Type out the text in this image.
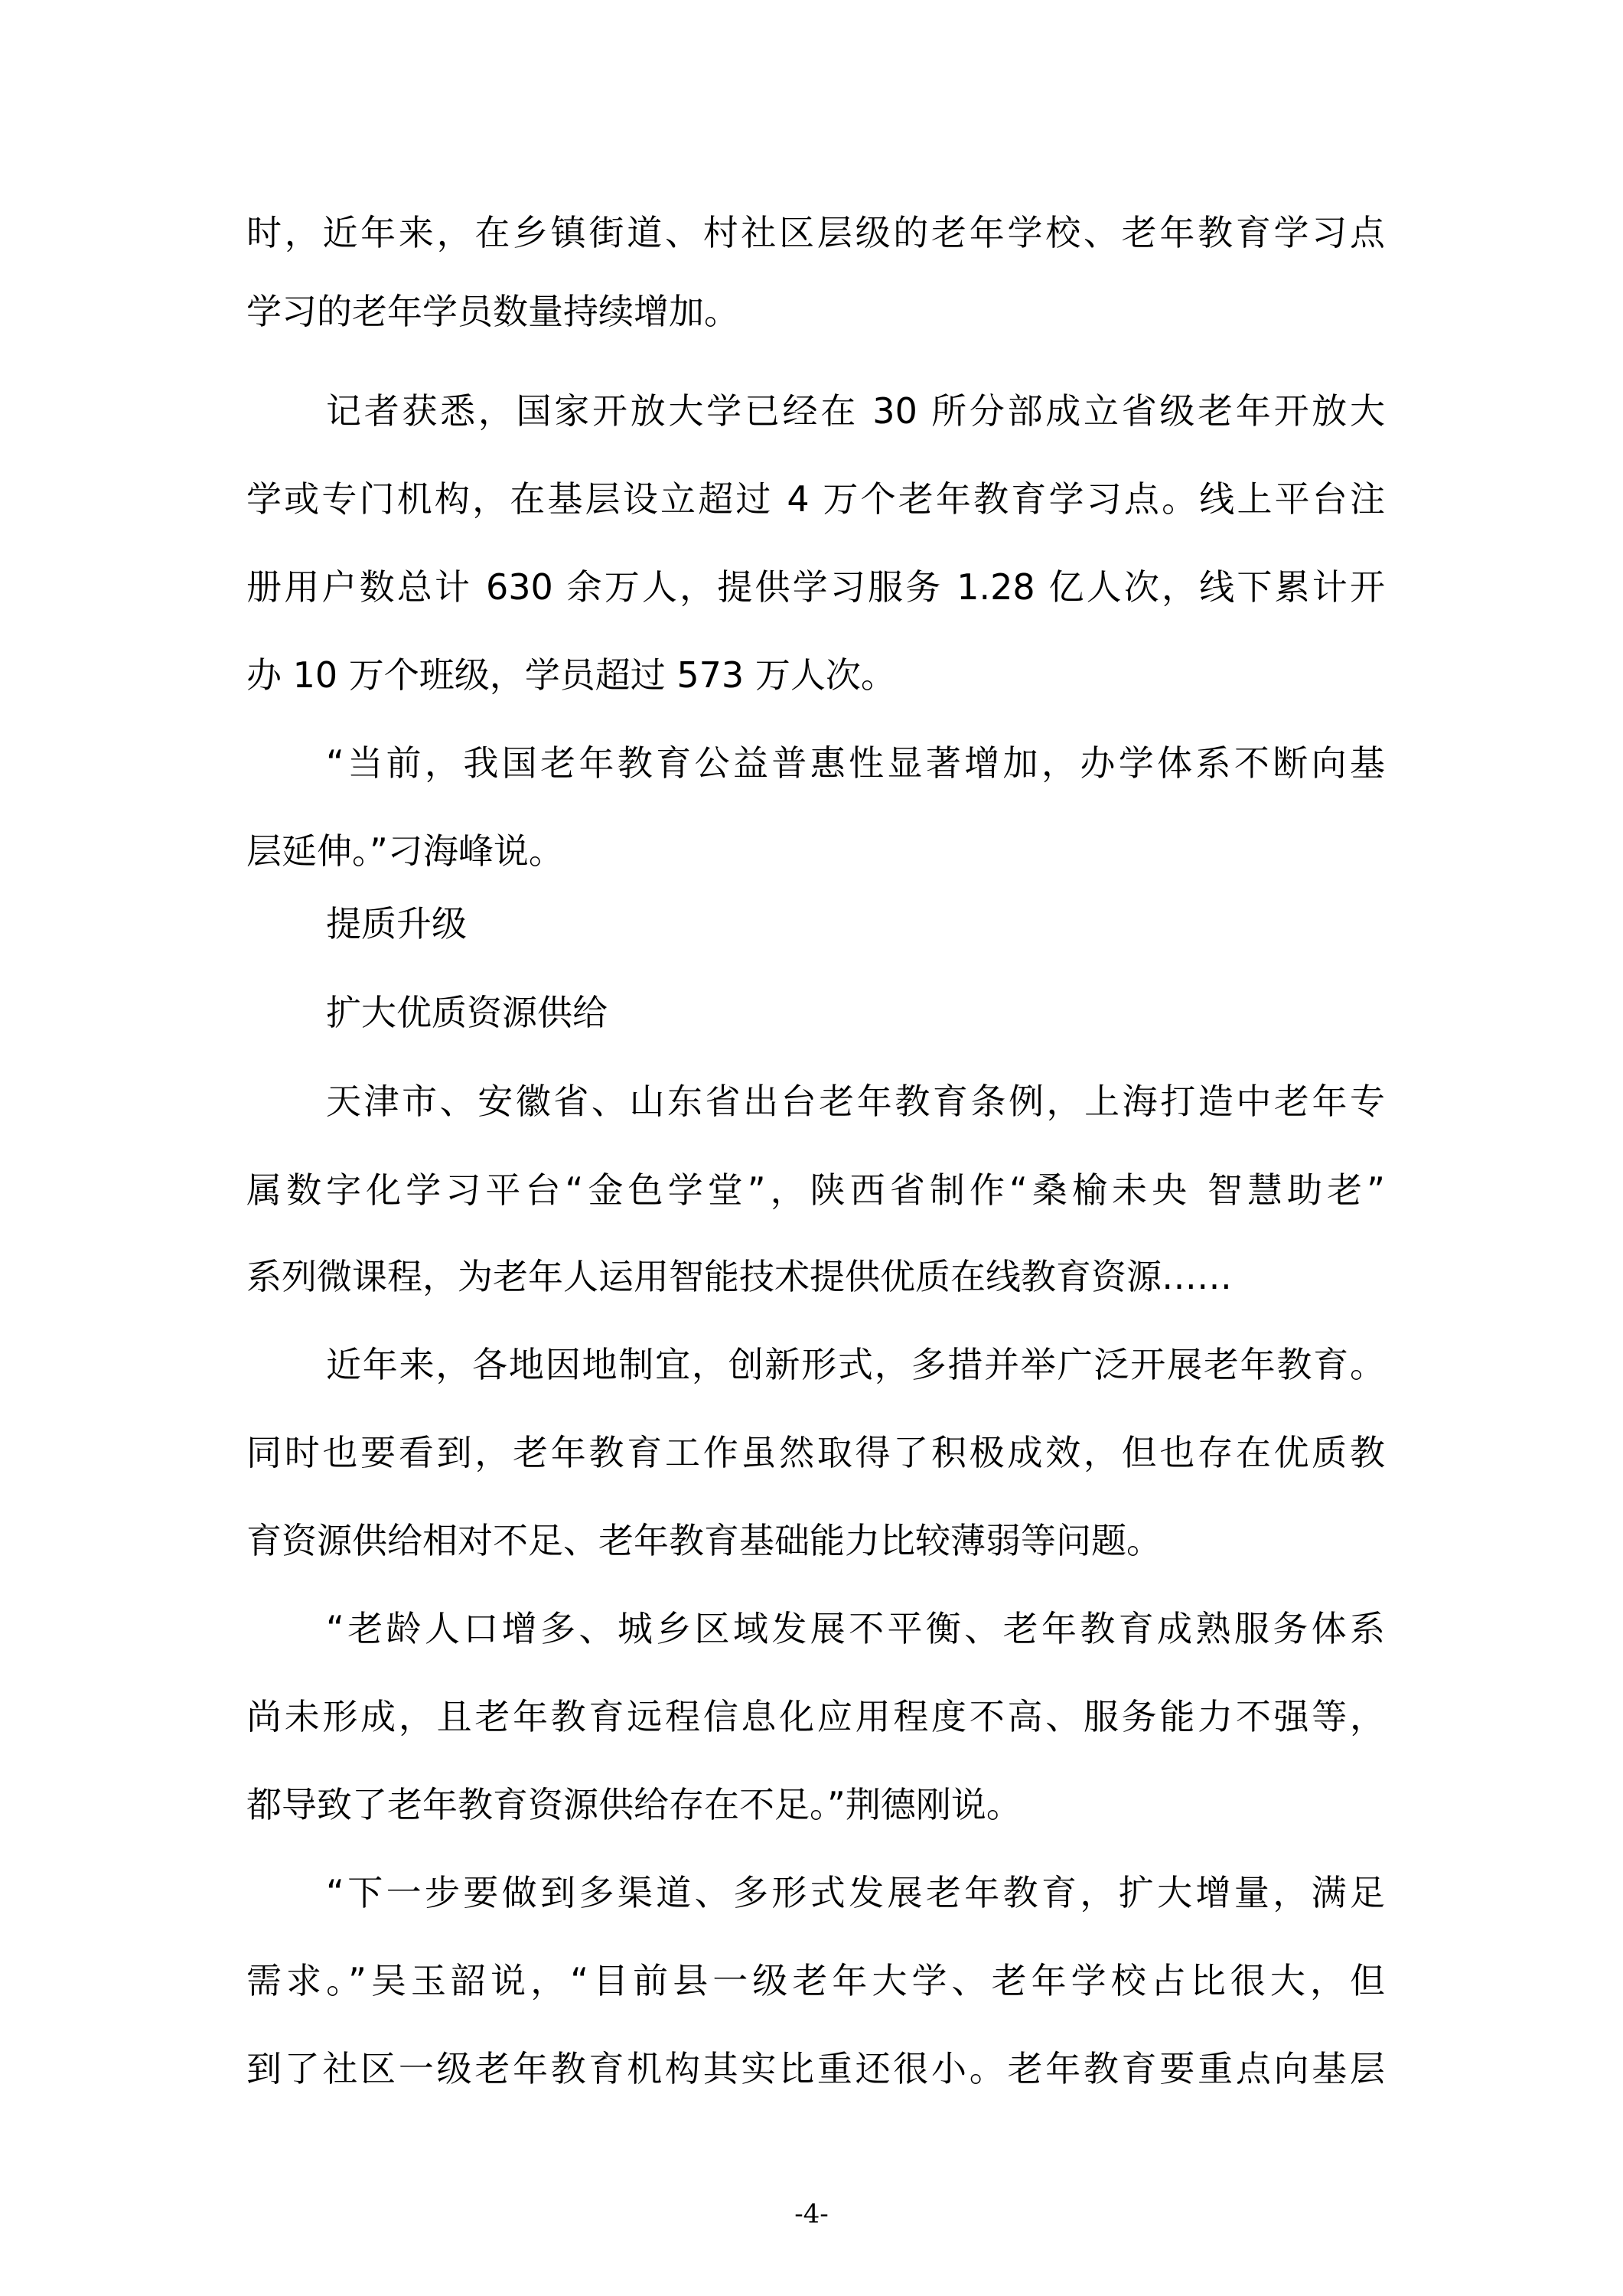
时，近年来，在乡镇街道、村社区层级的老年学校、老年教育学习点
学习的老年学员数量持续增加。
记者获悉，国家开放大学已经在 30 所分部成立省级老年开放大
学或专门机构，在基层设立超过 4 万个老年教育学习点。线上平台注
册用户数总计 630 余万人，提供学习服务 1.28 亿人次，线下累计开
办 10 万个班级，学员超过 573 万人次。
“当前，我国老年教育公益普惠性显著增加，办学体系不断向基
层延伸。”刁海峰说。
提质升级
扩大优质资源供给
天津市、安徽省、山东省出台老年教育条例，上海打造中老年专
属数字化学习平台“金色学堂”，陕西省制作“桑榆未央 智慧助老”
系列微课程，为老年人运用智能技术提供优质在线教育资源……
近年来，各地因地制宜，创新形式，多措并举广泛开展老年教育。
同时也要看到，老年教育工作虽然取得了积极成效，但也存在优质教
育资源供给相对不足、老年教育基础能力比较薄弱等问题。
“老龄人口增多、城乡区域发展不平衡、老年教育成熟服务体系
尚未形成，且老年教育远程信息化应用程度不高、服务能力不强等，
都导致了老年教育资源供给存在不足。”荆德刚说。
“下一步要做到多渠道、多形式发展老年教育，扩大增量，满足
需求。”吴玉韶说，“目前县一级老年大学、老年学校占比很大，但
到了社区一级老年教育机构其实比重还很小。老年教育要重点向基层
-4-
